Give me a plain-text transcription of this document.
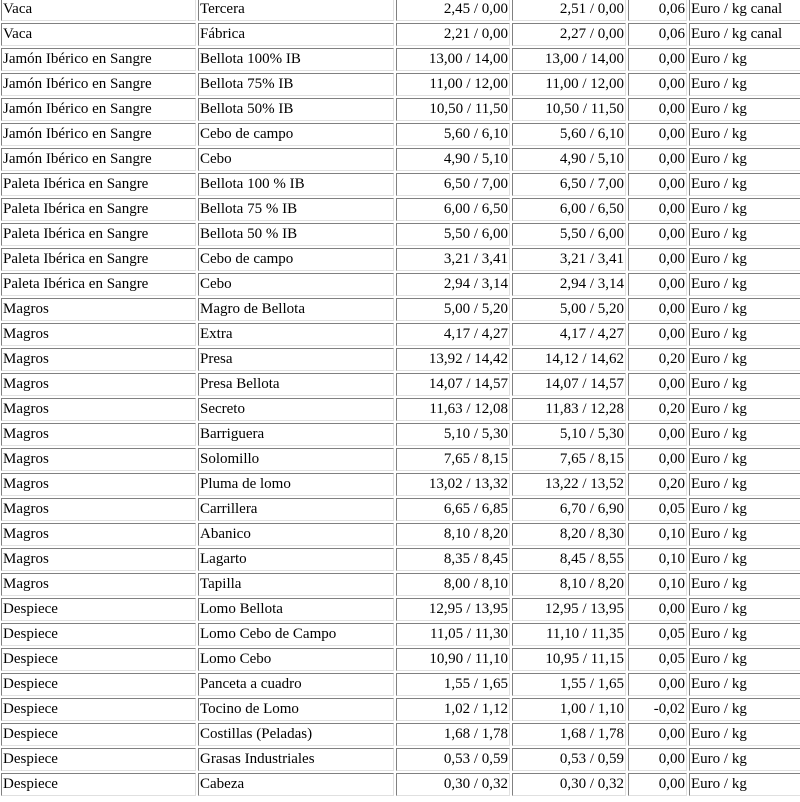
Vaca	Tercera	2,45 / 0,00	2,51 / 0,00	0,06	Euro / kg canal
Vaca	Fábrica	2,21 / 0,00	2,27 / 0,00	0,06	Euro / kg canal
Jamón Ibérico en Sangre	Bellota 100% IB	13,00 / 14,00	13,00 / 14,00	0,00	Euro / kg
Jamón Ibérico en Sangre	Bellota 75% IB	11,00 / 12,00	11,00 / 12,00	0,00	Euro / kg
Jamón Ibérico en Sangre	Bellota 50% IB	10,50 / 11,50	10,50 / 11,50	0,00	Euro / kg
Jamón Ibérico en Sangre	Cebo de campo	5,60 / 6,10	5,60 / 6,10	0,00	Euro / kg
Jamón Ibérico en Sangre	Cebo	4,90 / 5,10	4,90 / 5,10	0,00	Euro / kg
Paleta Ibérica en Sangre	Bellota 100 % IB	6,50 / 7,00	6,50 / 7,00	0,00	Euro / kg
Paleta Ibérica en Sangre	Bellota 75 % IB	6,00 / 6,50	6,00 / 6,50	0,00	Euro / kg
Paleta Ibérica en Sangre	Bellota 50 % IB	5,50 / 6,00	5,50 / 6,00	0,00	Euro / kg
Paleta Ibérica en Sangre	Cebo de campo	3,21 / 3,41	3,21 / 3,41	0,00	Euro / kg
Paleta Ibérica en Sangre	Cebo	2,94 / 3,14	2,94 / 3,14	0,00	Euro / kg
Magros	Magro de Bellota	5,00 / 5,20	5,00 / 5,20	0,00	Euro / kg
Magros	Extra	4,17 / 4,27	4,17 / 4,27	0,00	Euro / kg
Magros	Presa	13,92 / 14,42	14,12 / 14,62	0,20	Euro / kg
Magros	Presa Bellota	14,07 / 14,57	14,07 / 14,57	0,00	Euro / kg
Magros	Secreto	11,63 / 12,08	11,83 / 12,28	0,20	Euro / kg
Magros	Barriguera	5,10 / 5,30	5,10 / 5,30	0,00	Euro / kg
Magros	Solomillo	7,65 / 8,15	7,65 / 8,15	0,00	Euro / kg
Magros	Pluma de lomo	13,02 / 13,32	13,22 / 13,52	0,20	Euro / kg
Magros	Carrillera	6,65 / 6,85	6,70 / 6,90	0,05	Euro / kg
Magros	Abanico	8,10 / 8,20	8,20 / 8,30	0,10	Euro / kg
Magros	Lagarto	8,35 / 8,45	8,45 / 8,55	0,10	Euro / kg
Magros	Tapilla	8,00 / 8,10	8,10 / 8,20	0,10	Euro / kg
Despiece	Lomo Bellota	12,95 / 13,95	12,95 / 13,95	0,00	Euro / kg
Despiece	Lomo Cebo de Campo	11,05 / 11,30	11,10 / 11,35	0,05	Euro / kg
Despiece	Lomo Cebo	10,90 / 11,10	10,95 / 11,15	0,05	Euro / kg
Despiece	Panceta a cuadro	1,55 / 1,65	1,55 / 1,65	0,00	Euro / kg
Despiece	Tocino de Lomo	1,02 / 1,12	1,00 / 1,10	-0,02	Euro / kg
Despiece	Costillas (Peladas)	1,68 / 1,78	1,68 / 1,78	0,00	Euro / kg
Despiece	Grasas Industriales	0,53 / 0,59	0,53 / 0,59	0,00	Euro / kg
Despiece	Cabeza	0,30 / 0,32	0,30 / 0,32	0,00	Euro / kg
